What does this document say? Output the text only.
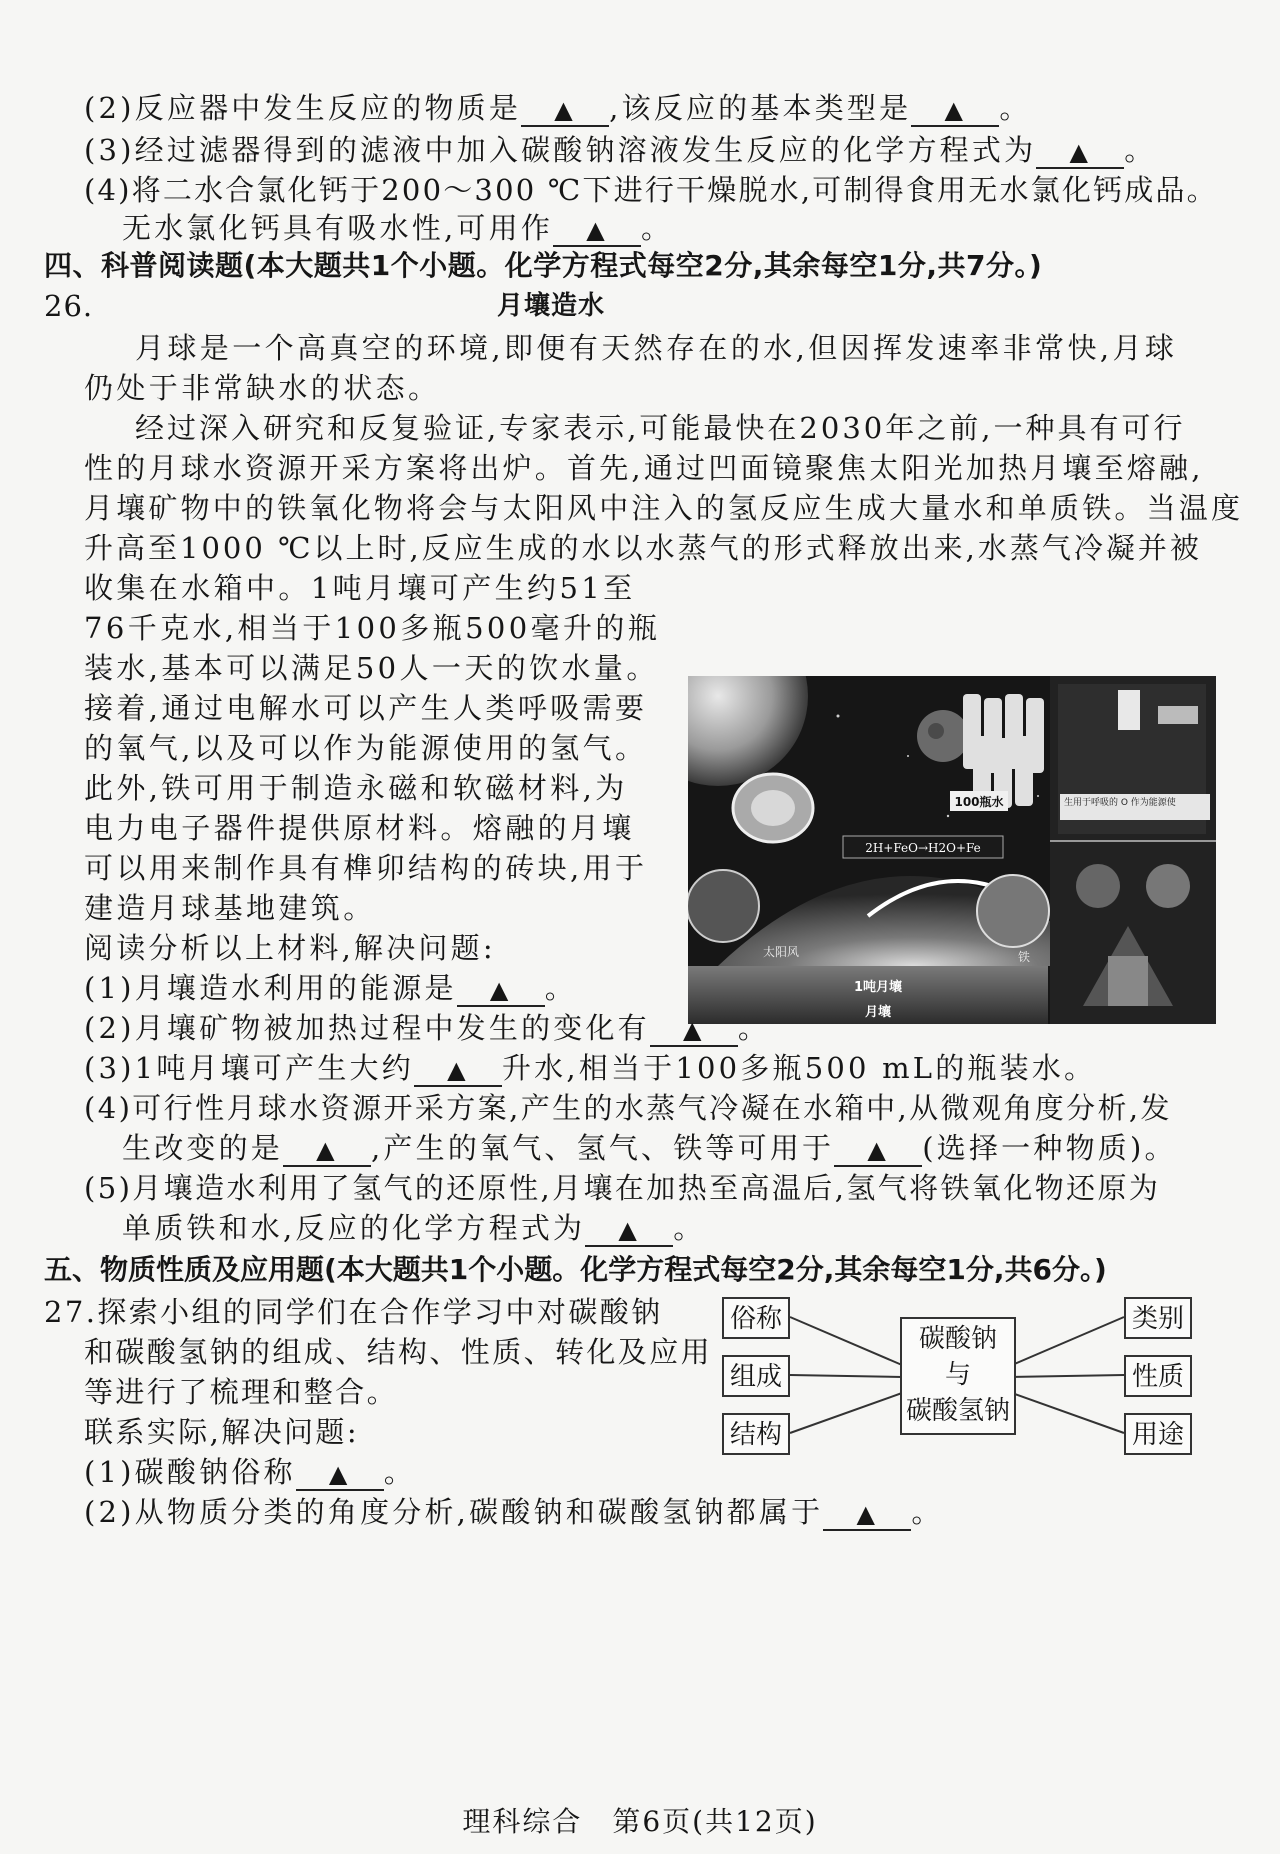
(2)反应器中发生反应的物质是 ▲ ,该反应的基本类型是 ▲ 。
(3)经过滤器得到的滤液中加入碳酸钠溶液发生反应的化学方程式为 ▲ 。
(4)将二水合氯化钙于200～300 ℃下进行干燥脱水,可制得食用无水氯化钙成品。
无水氯化钙具有吸水性,可用作 ▲ 。
四、科普阅读题(本大题共1个小题。化学方程式每空2分,其余每空1分,共7分。)
26.	月壤造水
月球是一个高真空的环境,即便有天然存在的水,但因挥发速率非常快,月球
仍处于非常缺水的状态。
经过深入研究和反复验证,专家表示,可能最快在2030年之前,一种具有可行
性的月球水资源开采方案将出炉。首先,通过凹面镜聚焦太阳光加热月壤至熔融,
月壤矿物中的铁氧化物将会与太阳风中注入的氢反应生成大量水和单质铁。当温度
升高至1000 ℃以上时,反应生成的水以水蒸气的形式释放出来,水蒸气冷凝并被
收集在水箱中。1吨月壤可产生约51至
76千克水,相当于100多瓶500毫升的瓶
装水,基本可以满足50人一天的饮水量。
接着,通过电解水可以产生人类呼吸需要
的氧气,以及可以作为能源使用的氢气。
此外,铁可用于制造永磁和软磁材料,为
电力电子器件提供原材料。熔融的月壤
可以用来制作具有榫卯结构的砖块,用于
建造月球基地建筑。
100瓶水
2H+FeO→H2O+Fe
太阳风	铁
1吨月壤
月壤
生用于呼吸的 O 作为能源使
阅读分析以上材料,解决问题:
(1)月壤造水利用的能源是 ▲ 。
(2)月壤矿物被加热过程中发生的变化有 ▲ 。
(3)1吨月壤可产生大约 ▲ 升水,相当于100多瓶500 mL的瓶装水。
(4)可行性月球水资源开采方案,产生的水蒸气冷凝在水箱中,从微观角度分析,发
生改变的是 ▲ ,产生的氧气、氢气、铁等可用于 ▲ (选择一种物质)。
(5)月壤造水利用了氢气的还原性,月壤在加热至高温后,氢气将铁氧化物还原为
单质铁和水,反应的化学方程式为 ▲ 。
五、物质性质及应用题(本大题共1个小题。化学方程式每空2分,其余每空1分,共6分。)
27.探索小组的同学们在合作学习中对碳酸钠
和碳酸氢钠的组成、结构、性质、转化及应用
等进行了梳理和整合。
联系实际,解决问题:
(1)碳酸钠俗称 ▲ 。
(2)从物质分类的角度分析,碳酸钠和碳酸氢钠都属于 ▲ 。
俗称
组成
结构
类别
性质
用途
碳酸钠
与
碳酸氢钠
理科综合　第6页(共12页)
